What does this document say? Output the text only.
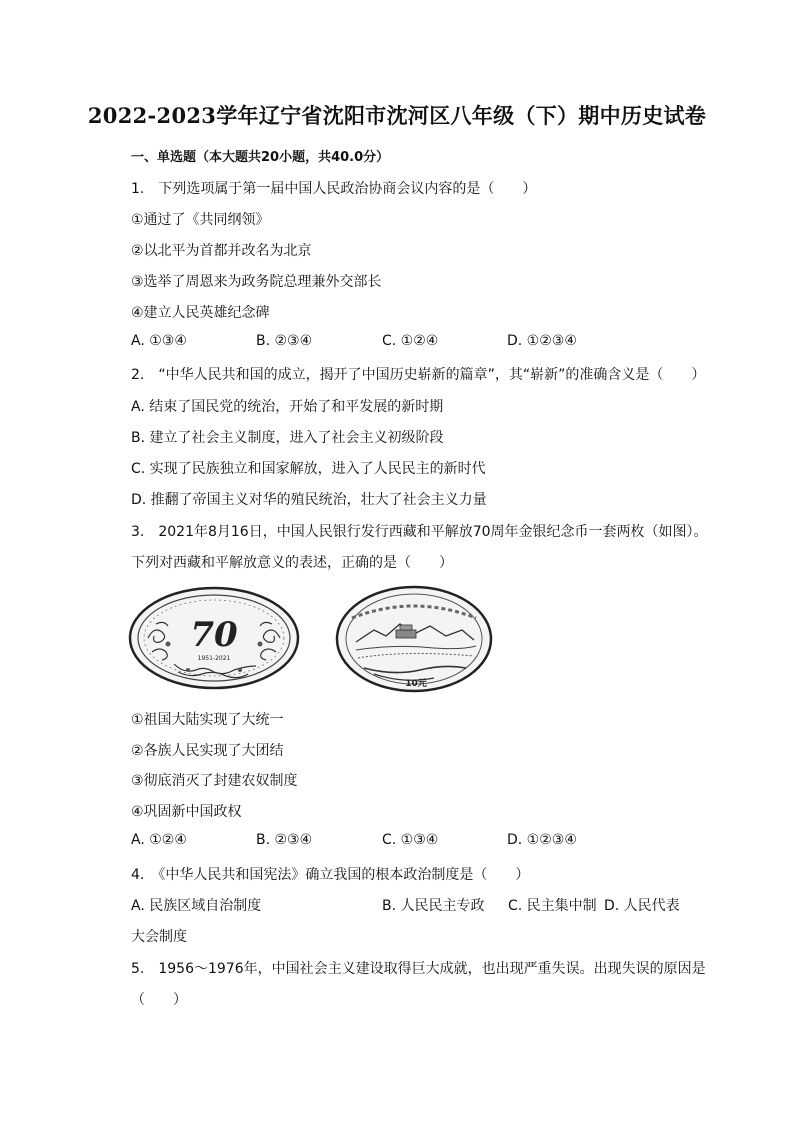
2022-2023学年辽宁省沈阳市沈河区八年级（下）期中历史试卷
一、单选题（本大题共20小题，共40.0分）
1.　下列选项属于第一届中国人民政治协商会议内容的是（　　）
①通过了《共同纲领》
②以北平为首都并改名为北京
③选举了周恩来为政务院总理兼外交部长
④建立人民英雄纪念碑
A. ①③④	B. ②③④	C. ①②④	D. ①②③④
2.　“中华人民共和国的成立，揭开了中国历史崭新的篇章”，其“崭新”的准确含义是（　　）
A. 结束了国民党的统治，开始了和平发展的新时期
B. 建立了社会主义制度，进入了社会主义初级阶段
C. 实现了民族独立和国家解放，进入了人民民主的新时代
D. 推翻了帝国主义对华的殖民统治，壮大了社会主义力量
3.　2021年8月16日，中国人民银行发行西藏和平解放70周年金银纪念币一套两枚（如图）。
下列对西藏和平解放意义的表述，正确的是（　　）
70
1951-2021
10元
①祖国大陆实现了大统一
②各族人民实现了大团结
③彻底消灭了封建农奴制度
④巩固新中国政权
A. ①②④	B. ②③④	C. ①③④	D. ①②③④
4.　《中华人民共和国宪法》确立我国的根本政治制度是（　　）
A. 民族区域自治制度	B. 人民民主专政 C. 民主集中制 D. 人民代表
大会制度
5.　1956～1976年，中国社会主义建设取得巨大成就，也出现严重失误。出现失误的原因是
（　　）
